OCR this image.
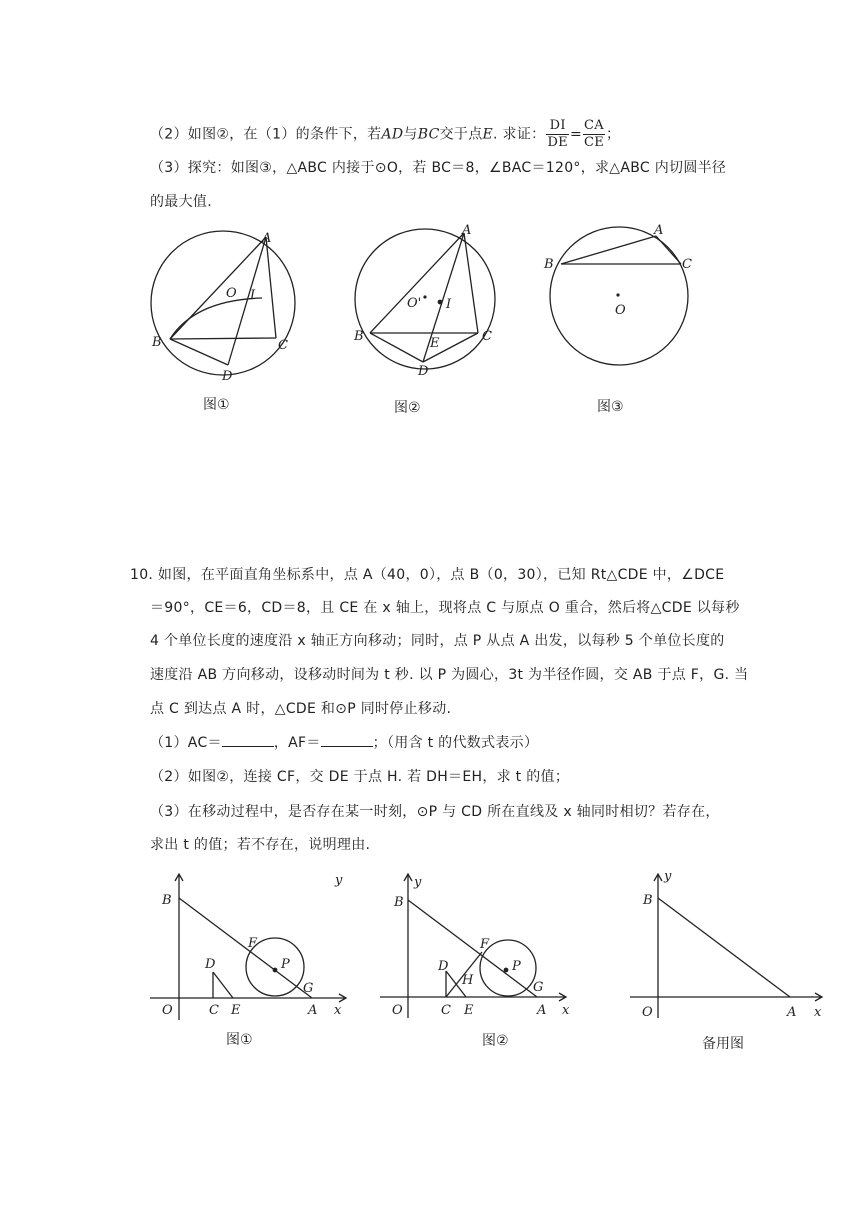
（2）如图②，在（1）的条件下，若AD与BC交于点E. 求证： $\frac{DI}{DE} = \frac{CA}{CE}$ ；
（3）探究：如图③，△ABC 内接于⊙O，若 BC＝8，∠BAC＝120°，求△ABC 内切圆半径
的最大值.
A
B	C
D
O I
图①
A
B	C
D
E
O' I
图②
A
B	C
O
图③
10. 如图，在平面直角坐标系中，点 A（40，0），点 B（0，30），已知 Rt△CDE 中，∠DCE
＝90°，CE＝6，CD＝8，且 CE 在 x 轴上，现将点 C 与原点 O 重合，然后将△CDE 以每秒
4 个单位长度的速度沿 x 轴正方向移动；同时，点 P 从点 A 出发，以每秒 5 个单位长度的
速度沿 AB 方向移动，设移动时间为 t 秒. 以 P 为圆心，3t 为半径作圆，交 AB 于点 F，G. 当
点 C 到达点 A 时，△CDE 和⊙P 同时停止移动.
（1）AC＝	，AF＝	；（用含 t 的代数式表示）
（2）如图②，连接 CF，交 DE 于点 H. 若 DH＝EH，求 t 的值；
（3）在移动过程中，是否存在某一时刻，⊙P 与 CD 所在直线及 x 轴同时相切？若存在，
求出 t 的值；若不存在，说明理由.
y
x
O
B
A
C
D
E
F
P
G
图①
y
x
O
B
A
C
D
E
H
F
P
G
图②
y
x
O
B
A
备用图
